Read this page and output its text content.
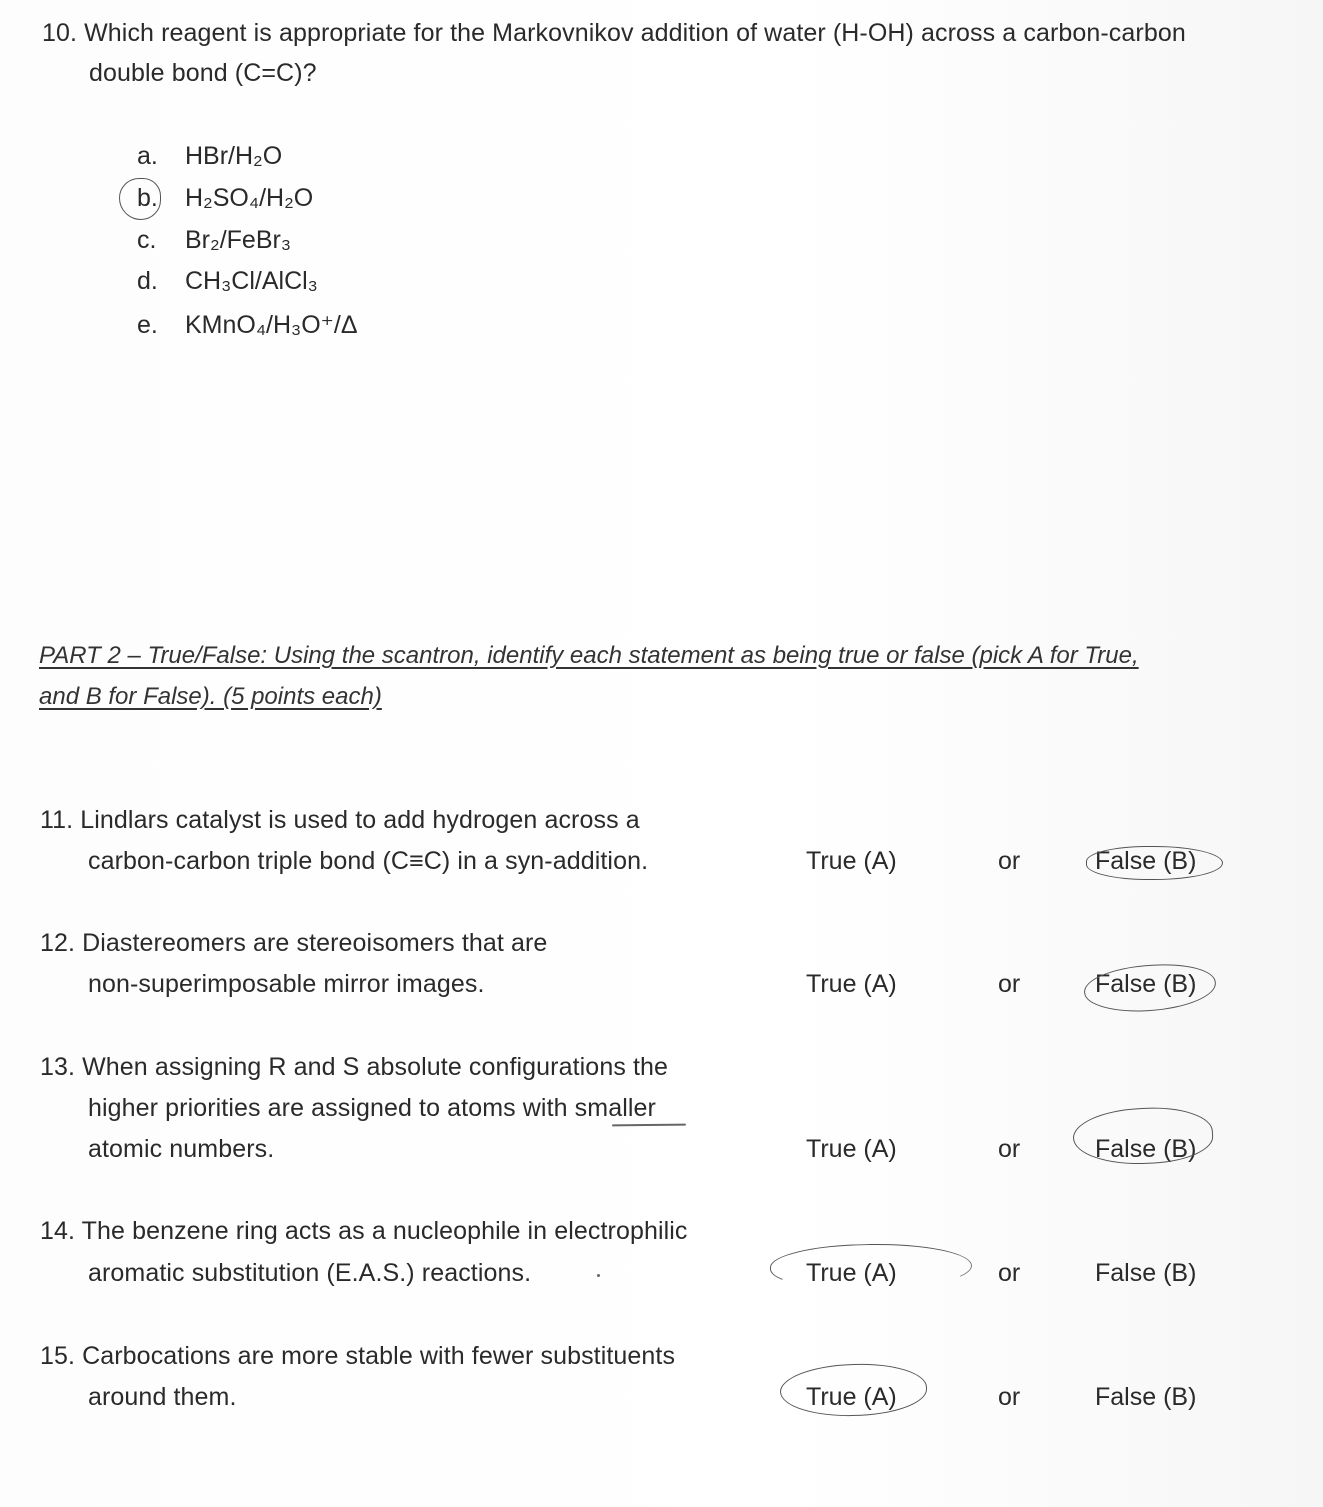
10. Which reagent is appropriate for the Markovnikov addition of water (H-OH) across a carbon-carbon
double bond (C=C)?
a. HBr/H₂O
b. H₂SO₄/H₂O
c. Br₂/FeBr₃
d. CH₃Cl/AlCl₃
e. KMnO₄/H₃O⁺/Δ
PART 2 – True/False: Using the scantron, identify each statement as being true or false (pick A for True,
and B for False). (5 points each)
11. Lindlars catalyst is used to add hydrogen across a
carbon-carbon triple bond (C≡C) in a syn-addition.	True (A)	or	False (B)
12. Diastereomers are stereoisomers that are
non-superimposable mirror images.	True (A)	or	False (B)
13. When assigning R and S absolute configurations the
higher priorities are assigned to atoms with smaller
atomic numbers.	True (A)	or	False (B)
14. The benzene ring acts as a nucleophile in electrophilic
aromatic substitution (E.A.S.) reactions.	True (A)	or	False (B)
15. Carbocations are more stable with fewer substituents
around them.	True (A)	or	False (B)
